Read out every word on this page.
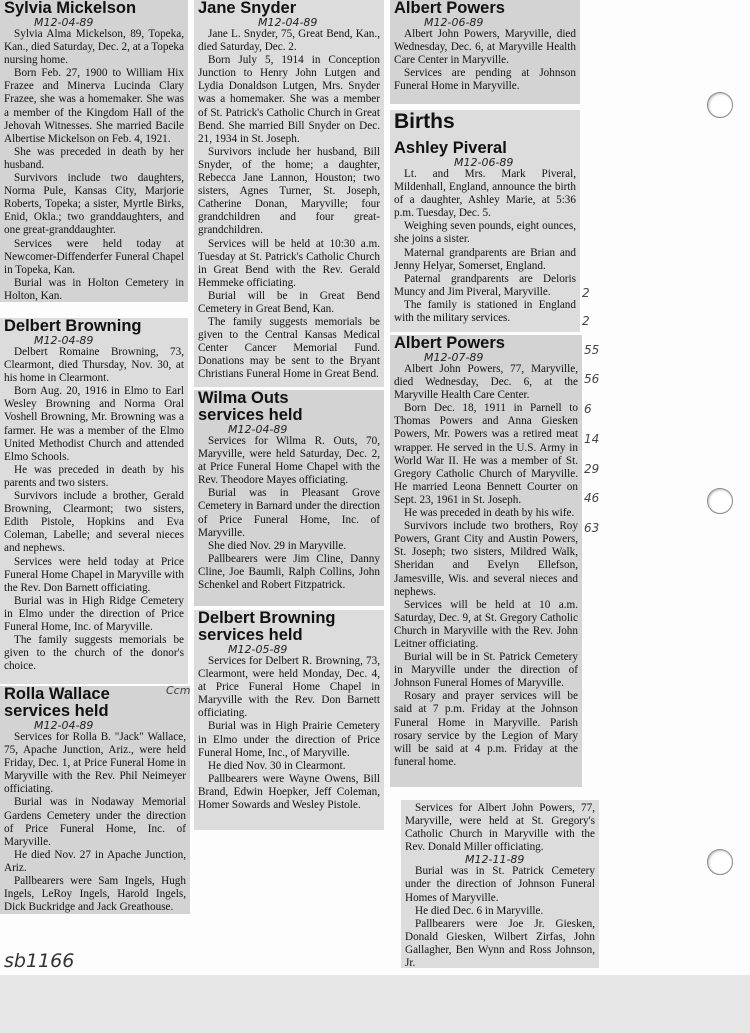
Sylvia Mickelson
M12-04-89

Sylvia Alma Mickelson, 89, Topeka, Kan., died Saturday, Dec. 2, at a Topeka nursing home.

Born Feb. 27, 1900 to William Hix Frazee and Minerva Lucinda Clary Frazee, she was a homemaker. She was a member of the Kingdom Hall of the Jehovah Witnesses. She married Bacile Albertise Mickelson on Feb. 4, 1921.

She was preceded in death by her husband.

Survivors include two daughters, Norma Pule, Kansas City, Marjorie Roberts, Topeka; a sister, Myrtle Birks, Enid, Okla.; two granddaughters, and one great-granddaughter.

Services were held today at Newcomer-Diffenderfer Funeral Chapel in Topeka, Kan.

Burial was in Holton Cemetery in Holton, Kan.

Delbert Browning
M12-04-89

Delbert Romaine Browning, 73, Clearmont, died Thursday, Nov. 30, at his home in Clearmont.

Born Aug. 20, 1916 in Elmo to Earl Wesley Browning and Norma Oral Voshell Browning, Mr. Browning was a farmer. He was a member of the Elmo United Methodist Church and attended Elmo Schools.

He was preceded in death by his parents and two sisters.

Survivors include a brother, Gerald Browning, Clearmont; two sisters, Edith Pistole, Hopkins and Eva Coleman, Labelle; and several nieces and nephews.

Services were held today at Price Funeral Home Chapel in Maryville with the Rev. Don Barnett officiating.

Burial was in High Ridge Cemetery in Elmo under the direction of Price Funeral Home, Inc. of Maryville.

The family suggests memorials be given to the church of the donor's choice.

Rolla Wallace services held
M12-04-89

Services for Rolla B. "Jack" Wallace, 75, Apache Junction, Ariz., were held Friday, Dec. 1, at Price Funeral Home in Maryville with the Rev. Phil Neimeyer officiating.

Burial was in Nodaway Memorial Gardens Cemetery under the direction of Price Funeral Home, Inc. of Maryville.

He died Nov. 27 in Apache Junction, Ariz.

Pallbearers were Sam Ingels, Hugh Ingels, LeRoy Ingels, Harold Ingels, Dick Buckridge and Jack Greathouse.

Jane Snyder
M12-04-89

Jane L. Snyder, 75, Great Bend, Kan., died Saturday, Dec. 2.

Born July 5, 1914 in Conception Junction to Henry John Lutgen and Lydia Donaldson Lutgen, Mrs. Snyder was a homemaker. She was a member of St. Patrick's Catholic Church in Great Bend. She married Bill Snyder on Dec. 21, 1934 in St. Joseph.

Survivors include her husband, Bill Snyder, of the home; a daughter, Rebecca Jane Lannon, Houston; two sisters, Agnes Turner, St. Joseph, Catherine Donan, Maryville; four grandchildren and four great-grandchildren.

Services will be held at 10:30 a.m. Tuesday at St. Patrick's Catholic Church in Great Bend with the Rev. Gerald Hemmeke officiating.

Burial will be in Great Bend Cemetery in Great Bend, Kan.

The family suggests memorials be given to the Central Kansas Medical Center Cancer Memorial Fund. Donations may be sent to the Bryant Christians Funeral Home in Great Bend.

Wilma Outs services held
M12-04-89

Services for Wilma R. Outs, 70, Maryville, were held Saturday, Dec. 2, at Price Funeral Home Chapel with the Rev. Theodore Mayes officiating.

Burial was in Pleasant Grove Cemetery in Barnard under the direction of Price Funeral Home, Inc. of Maryville.

She died Nov. 29 in Maryville.

Pallbearers were Jim Cline, Danny Cline, Joe Baumli, Ralph Collins, John Schenkel and Robert Fitzpatrick.

Delbert Browning services held
M12-05-89

Services for Delbert R. Browning, 73, Clearmont, were held Monday, Dec. 4, at Price Funeral Home Chapel in Maryville with the Rev. Don Barnett officiating.

Burial was in High Prairie Cemetery in Elmo under the direction of Price Funeral Home, Inc., of Maryville.

He died Nov. 30 in Clearmont.

Pallbearers were Wayne Owens, Bill Brand, Edwin Hoepker, Jeff Coleman, Homer Sowards and Wesley Pistole.

Albert Powers
M12-06-89

Albert John Powers, Maryville, died Wednesday, Dec. 6, at Maryville Health Care Center in Maryville.

Services are pending at Johnson Funeral Home in Maryville.

Births
Ashley Piveral
M12-06-89

Lt. and Mrs. Mark Piveral, Mildenhall, England, announce the birth of a daughter, Ashley Marie, at 5:36 p.m. Tuesday, Dec. 5.

Weighing seven pounds, eight ounces, she joins a sister.

Maternal grandparents are Brian and Jenny Helyar, Somerset, England.

Paternal grandparents are Deloris Muncy and Jim Piveral, Maryville.

The family is stationed in England with the military services.

Albert Powers
M12-07-89

Albert John Powers, 77, Maryville, died Wednesday, Dec. 6, at the Maryville Health Care Center.

Born Dec. 18, 1911 in Parnell to Thomas Powers and Anna Giesken Powers, Mr. Powers was a retired meat wrapper. He served in the U.S. Army in World War II. He was a member of St. Gregory Catholic Church of Maryville. He married Leona Bennett Courter on Sept. 23, 1961 in St. Joseph.

He was preceded in death by his wife.

Survivors include two brothers, Roy Powers, Grant City and Austin Powers, St. Joseph; two sisters, Mildred Walk, Sheridan and Evelyn Ellefson, Jamesville, Wis. and several nieces and nephews.

Services will be held at 10 a.m. Saturday, Dec. 9, at St. Gregory Catholic Church in Maryville with the Rev. John Leitner officiating.

Burial will be in St. Patrick Cemetery in Maryville under the direction of Johnson Funeral Homes of Maryville.

Rosary and prayer services will be said at 7 p.m. Friday at the Johnson Funeral Home in Maryville. Parish rosary service by the Legion of Mary will be said at 4 p.m. Friday at the funeral home.

Services for Albert John Powers, 77, Maryville, were held at St. Gregory's Catholic Church in Maryville with the Rev. Donald Miller officiating.

M12-11-89

Burial was in St. Patrick Cemetery under the direction of Johnson Funeral Homes of Maryville.

He died Dec. 6 in Maryville.

Pallbearers were Joe Jr. Giesken, Donald Giesken, Wilbert Zirfas, John Gallagher, Ben Wynn and Ross Johnson, Jr.

55
56
6
14
29
46
63
2
2
Ccm
sb1166
